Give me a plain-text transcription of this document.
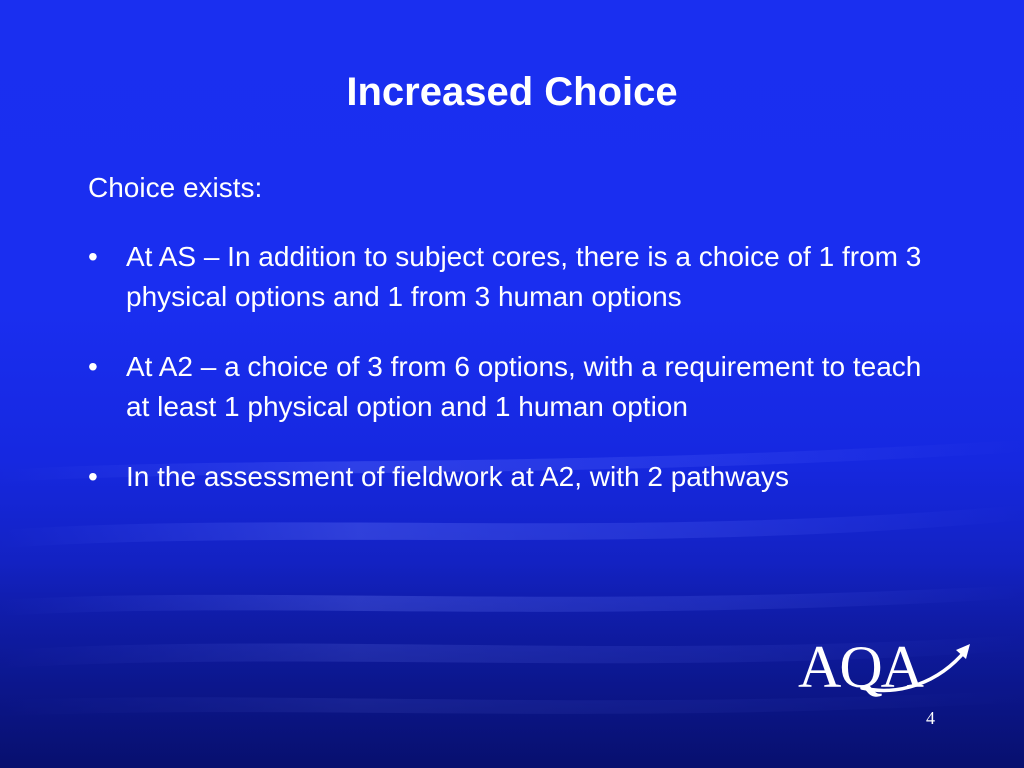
Increased Choice

Choice exists:

•	At AS – In addition to subject cores, there is a choice of 1 from 3 physical options and 1 from 3 human options
•	At A2 – a choice of 3 from 6 options, with a requirement to teach at least 1 physical option and 1 human option
•	In the assessment of fieldwork at A2, with 2 pathways
AQA
4
